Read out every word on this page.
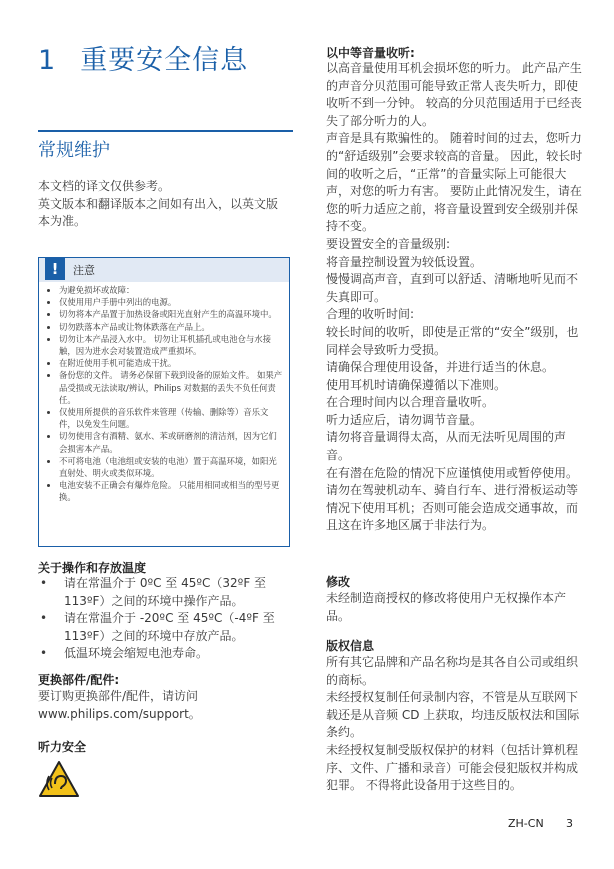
1 重要安全信息
常规维护
本文档的译文仅供参考。
英文版本和翻译版本之间如有出入，以英文版本为准。
!	注意
• 为避免损坏或故障：
• 仅使用用户手册中列出的电源。
• 切勿将本产品置于加热设备或阳光直射产生的高温环境中。
• 切勿跌落本产品或让物体跌落在产品上。
• 切勿让本产品浸入水中。 切勿让耳机插孔或电池仓与水接触，因为进水会对装置造成严重损坏。
• 在附近使用手机可能造成干扰。
• 备份您的文件。 请务必保留下载到设备的原始文件。 如果产品受损或无法读取/辨认，Philips 对数据的丢失不负任何责任。
• 仅使用所提供的音乐软件来管理（传输、删除等）音乐文件，以免发生问题。
• 切勿使用含有酒精、氨水、苯或研磨剂的清洁剂，因为它们会损害本产品。
• 不可将电池（电池组或安装的电池）置于高温环境，如阳光直射处、明火或类似环境。
• 电池安装不正确会有爆炸危险。 只能用相同或相当的型号更换。
关于操作和存放温度
• 请在常温介于 0ºC 至 45ºC（32ºF 至 113ºF）之间的环境中操作产品。
• 请在常温介于 -20ºC 至 45ºC（-4ºF 至 113ºF）之间的环境中存放产品。
• 低温环境会缩短电池寿命。
更换部件/配件:
要订购更换部件/配件，请访问 www.philips.com/support。
听力安全
以中等音量收听:
以高音量使用耳机会损坏您的听力。 此产品产生的声音分贝范围可能导致正常人丧失听力，即使收听不到一分钟。 较高的分贝范围适用于已经丧失了部分听力的人。
声音是具有欺骗性的。 随着时间的过去，您听力的“舒适级别”会要求较高的音量。 因此，较长时间的收听之后，“正常”的音量实际上可能很大声，对您的听力有害。 要防止此情况发生，请在您的听力适应之前，将音量设置到安全级别并保持不变。
要设置安全的音量级别:
将音量控制设置为较低设置。
慢慢调高声音，直到可以舒适、清晰地听见而不失真即可。
合理的收听时间:
较长时间的收听，即使是正常的“安全”级别，也同样会导致听力受损。
请确保合理使用设备，并进行适当的休息。
使用耳机时请确保遵循以下准则。
在合理时间内以合理音量收听。
听力适应后，请勿调节音量。
请勿将音量调得太高，从而无法听见周围的声音。
在有潜在危险的情况下应谨慎使用或暂停使用。
请勿在驾驶机动车、骑自行车、进行滑板运动等情况下使用耳机；否则可能会造成交通事故，而且这在许多地区属于非法行为。
修改
未经制造商授权的修改将使用户无权操作本产品。
版权信息
所有其它品牌和产品名称均是其各自公司或组织的商标。
未经授权复制任何录制内容，不管是从互联网下载还是从音频 CD 上获取，均违反版权法和国际条约。
未经授权复制受版权保护的材料（包括计算机程序、文件、广播和录音）可能会侵犯版权并构成犯罪。 不得将此设备用于这些目的。
ZH-CN 3
